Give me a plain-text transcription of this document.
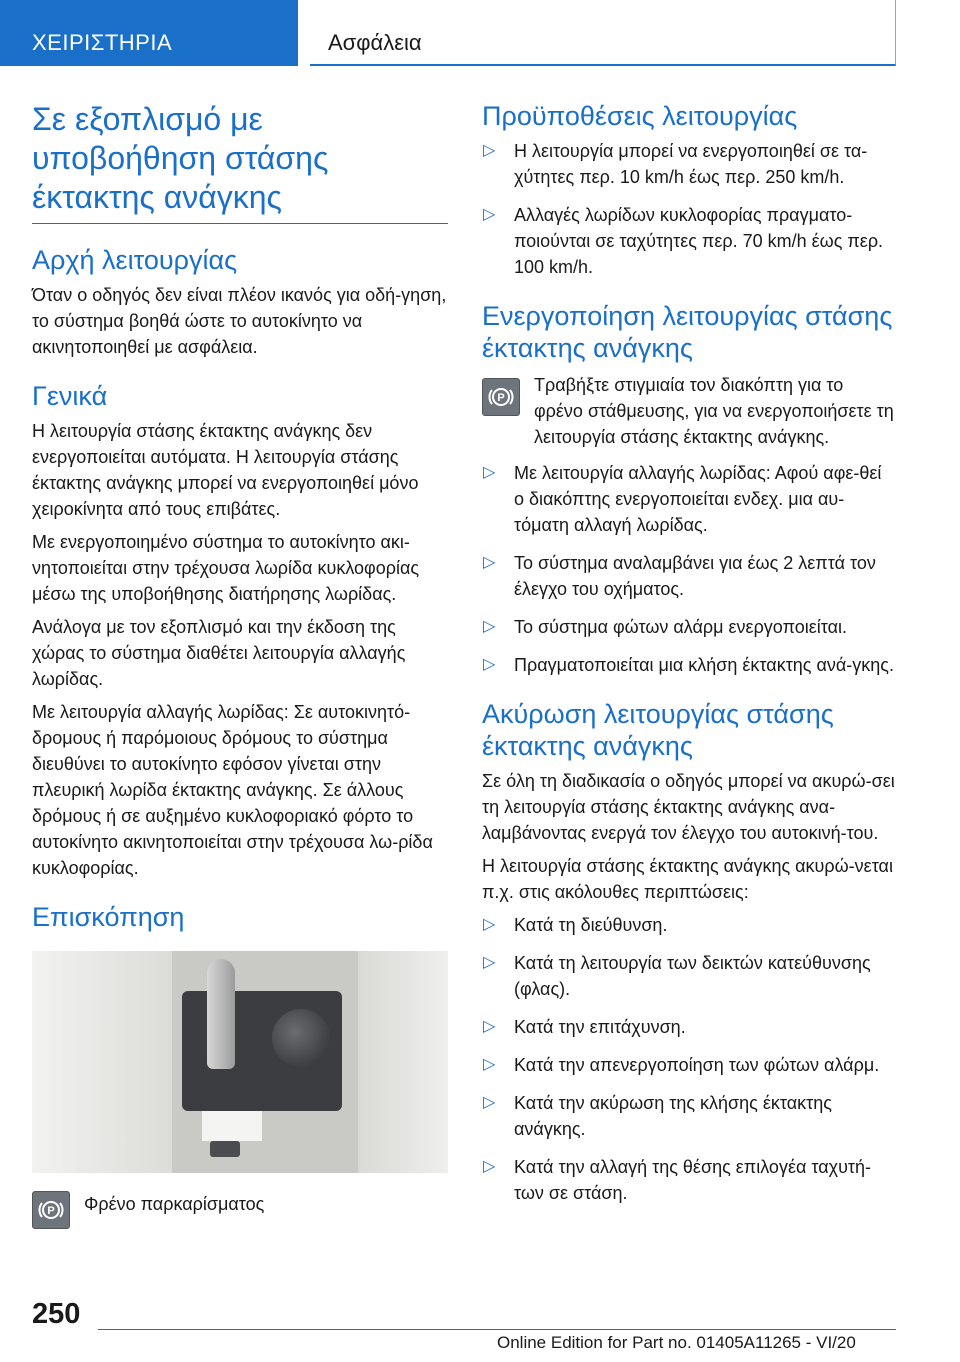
ΧΕΙΡΙΣΤΗΡΙΑ	Ασφάλεια
Σε εξοπλισμό με υποβοήθηση στάσης έκτακτης ανάγκης
Αρχή λειτουργίας

Όταν ο οδηγός δεν είναι πλέον ικανός για οδή-γηση, το σύστημα βοηθά ώστε το αυτοκίνητο να ακινητοποιηθεί με ασφάλεια.

Γενικά

Η λειτουργία στάσης έκτακτης ανάγκης δεν ενεργοποιείται αυτόματα. Η λειτουργία στάσης έκτακτης ανάγκης μπορεί να ενεργοποιηθεί μόνο χειροκίνητα από τους επιβάτες.

Με ενεργοποιημένο σύστημα το αυτοκίνητο ακι-νητοποιείται στην τρέχουσα λωρίδα κυκλοφορίας μέσω της υποβοήθησης διατήρησης λωρίδας.

Ανάλογα με τον εξοπλισμό και την έκδοση της χώρας το σύστημα διαθέτει λειτουργία αλλαγής λωρίδας.

Με λειτουργία αλλαγής λωρίδας: Σε αυτοκινητό-δρομους ή παρόμοιους δρόμους το σύστημα διευθύνει το αυτοκίνητο εφόσον γίνεται στην πλευρική λωρίδα έκτακτης ανάγκης. Σε άλλους δρόμους ή σε αυξημένο κυκλοφοριακό φόρτο το αυτοκίνητο ακινητοποιείται στην τρέχουσα λω-ρίδα κυκλοφορίας.

Επισκόπηση
P Φρένο παρκαρίσματος
Προϋποθέσεις λειτουργίας
▷ Η λειτουργία μπορεί να ενεργοποιηθεί σε τα-χύτητες περ. 10 km/h έως περ. 250 km/h.
▷ Αλλαγές λωρίδων κυκλοφορίας πραγματο-ποιούνται σε ταχύτητες περ. 70 km/h έως περ. 100 km/h.
Ενεργοποίηση λειτουργίας στάσης έκτακτης ανάγκης
P
Τραβήξτε στιγμιαία τον διακόπτη για το φρένο στάθμευσης, για να ενεργοποιήσετε τη λειτουργία στάσης έκτακτης ανάγκης.
▷ Με λειτουργία αλλαγής λωρίδας: Αφού αφε-θεί ο διακόπτης ενεργοποιείται ενδεχ. μια αυ-τόματη αλλαγή λωρίδας.
▷ Το σύστημα αναλαμβάνει για έως 2 λεπτά τον έλεγχο του οχήματος.
▷ Το σύστημα φώτων αλάρμ ενεργοποιείται.
▷ Πραγματοποιείται μια κλήση έκτακτης ανά-γκης.
Ακύρωση λειτουργίας στάσης έκτακτης ανάγκης

Σε όλη τη διαδικασία ο οδηγός μπορεί να ακυρώ-σει τη λειτουργία στάσης έκτακτης ανάγκης ανα-λαμβάνοντας ενεργά τον έλεγχο του αυτοκινή-του.

Η λειτουργία στάσης έκτακτης ανάγκης ακυρώ-νεται π.χ. στις ακόλουθες περιπτώσεις:

▷ Κατά τη διεύθυνση.
▷ Κατά τη λειτουργία των δεικτών κατεύθυνσης (φλας).
▷ Κατά την επιτάχυνση.
▷ Κατά την απενεργοποίηση των φώτων αλάρμ.
▷ Κατά την ακύρωση της κλήσης έκτακτης ανάγκης.
▷ Κατά την αλλαγή της θέσης επιλογέα ταχυτή-των σε στάση.
250
Online Edition for Part no. 01405A11265 - VI/20
